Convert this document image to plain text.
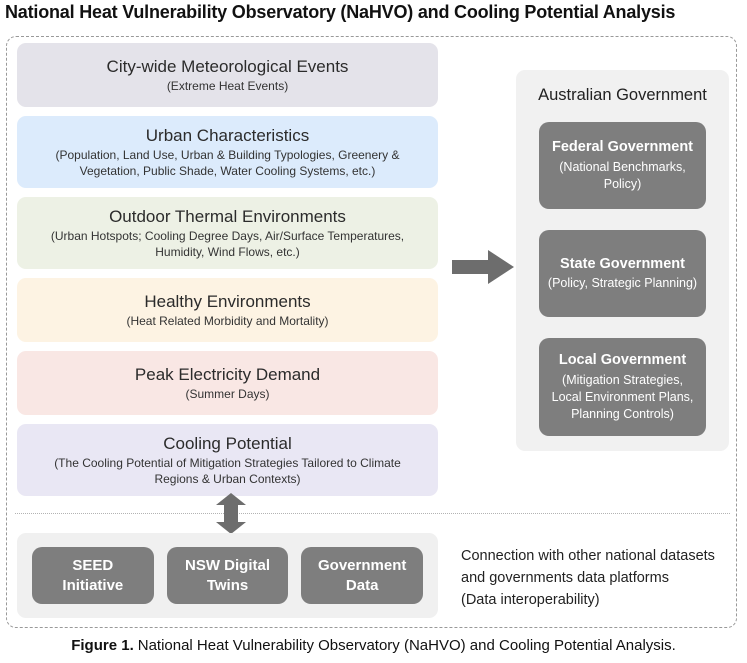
National Heat Vulnerability Observatory (NaHVO) and Cooling Potential Analysis
City-wide Meteorological Events
(Extreme Heat Events)
Urban Characteristics
(Population, Land Use, Urban & Building Typologies, Greenery & Vegetation, Public Shade, Water Cooling Systems, etc.)
Outdoor Thermal Environments
(Urban Hotspots; Cooling Degree Days, Air/Surface Temperatures, Humidity, Wind Flows, etc.)
Healthy Environments
(Heat Related Morbidity and Mortality)
Peak Electricity Demand
(Summer Days)
Cooling Potential
(The Cooling Potential of Mitigation Strategies Tailored to Climate Regions & Urban Contexts)
Australian Government
Federal Government
(National Benchmarks, Policy)
State Government
(Policy, Strategic Planning)
Local Government
(Mitigation Strategies, Local Environment Plans, Planning Controls)
SEED Initiative
NSW Digital Twins
Government Data
Connection with other national datasets and governments data platforms
(Data interoperability)
Figure 1. National Heat Vulnerability Observatory (NaHVO) and Cooling Potential Analysis.
